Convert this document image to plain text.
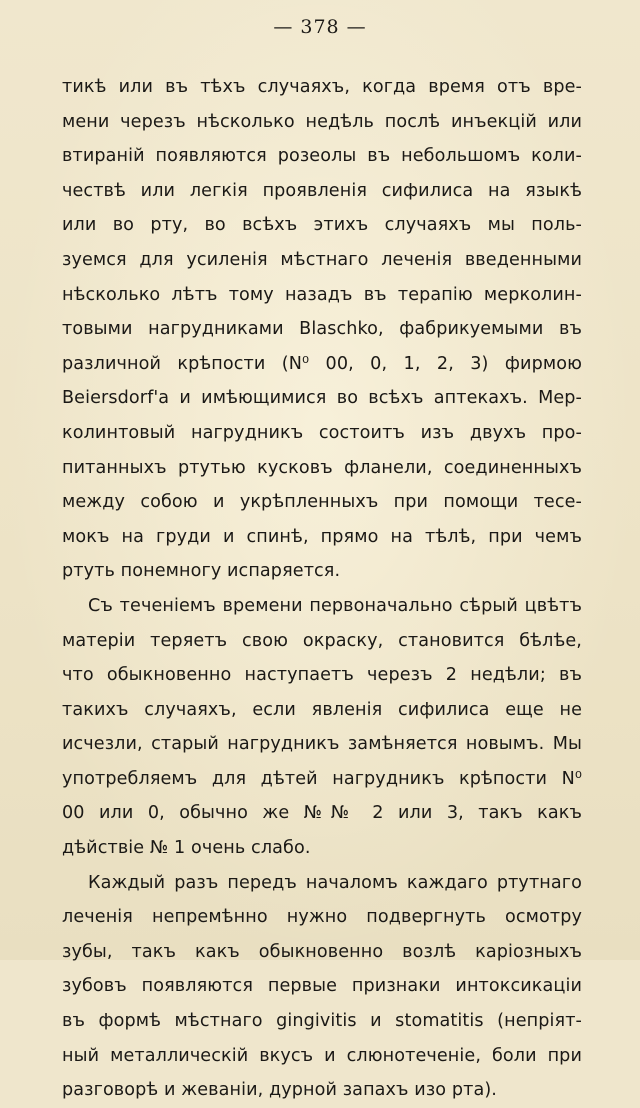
— 378 —
тикѣ или въ тѣхъ случаяхъ, когда время отъ вре-
мени черезъ нѣсколько недѣль послѣ инъекцій или
втираній появляются розеолы въ небольшомъ коли-
чествѣ или легкія проявленія сифилиса на языкѣ
или во рту, во всѣхъ этихъ случаяхъ мы поль-
зуемся для усиленія мѣстнаго леченія введенными
нѣсколько лѣтъ тому назадъ въ терапію мерколин-
товыми нагрудниками Blaschko, фабрикуемыми въ
различной крѣпости (N⁰ 00, 0, 1, 2, 3) фирмою
Beiersdorf'а и имѣющимися во всѣхъ аптекахъ. Мер-
колинтовый нагрудникъ состоитъ изъ двухъ про-
питанныхъ ртутью кусковъ фланели, соединенныхъ
между собою и укрѣпленныхъ при помощи тесе-
мокъ на груди и спинѣ, прямо на тѣлѣ, при чемъ
ртуть понемногу испаряется.
Съ теченіемъ времени первоначально сѣрый цвѣтъ
матеріи теряетъ свою окраску, становится бѣлѣе,
что обыкновенно наступаетъ черезъ 2 недѣли; въ
такихъ случаяхъ, если явленія сифилиса еще не
исчезли, старый нагрудникъ замѣняется новымъ. Мы
употребляемъ для дѣтей нагрудникъ крѣпости N⁰
00 или 0, обычно же №№ 2 или 3, такъ какъ
дѣйствіе № 1 очень слабо.
Каждый разъ передъ началомъ каждаго ртутнаго
леченія непремѣнно нужно подвергнуть осмотру
зубы, такъ какъ обыкновенно возлѣ каріозныхъ
зубовъ появляются первые признаки интоксикаціи
въ формѣ мѣстнаго gingivitis и stomatitis (непріят-
ный металлическій вкусъ и слюнотеченіе, боли при
разговорѣ и жеваніи, дурной запахъ изо рта).
